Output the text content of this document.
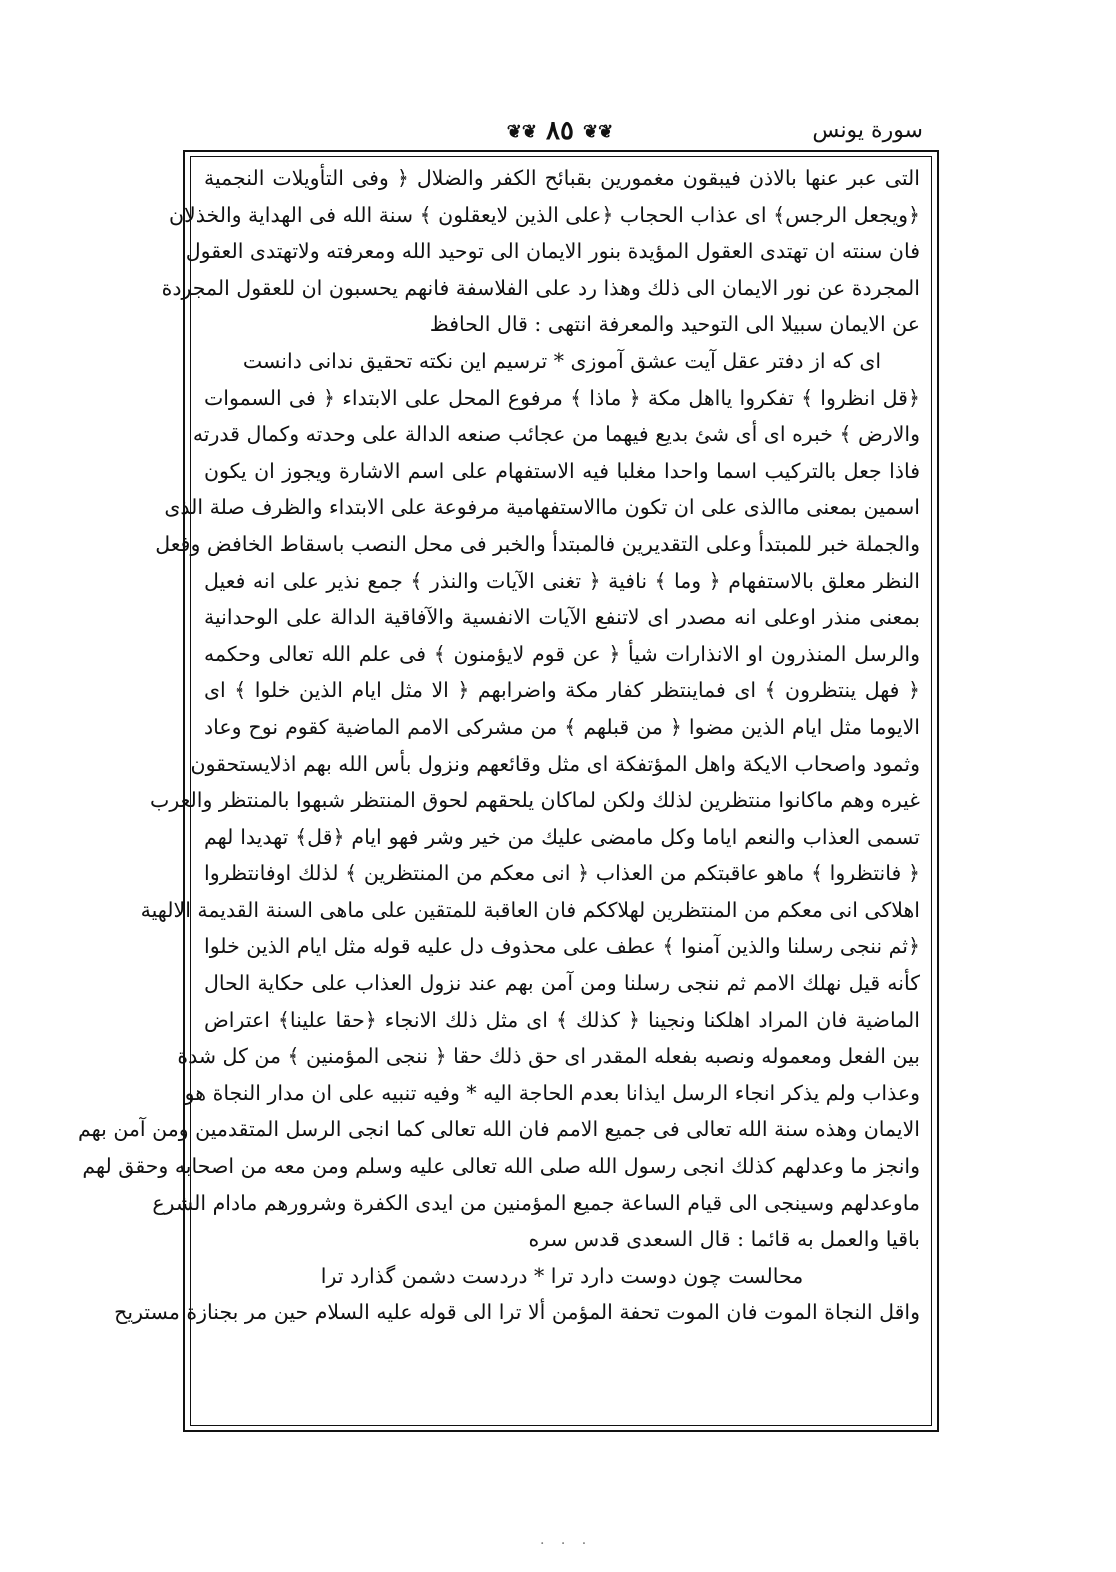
❦❦ ٨٥ ❦❦	سورة يونس
التى عبر عنها بالاذن فيبقون مغمورين بقبائح الكفر والضلال ﴿ وفى التأويلات النجمية
﴿ويجعل الرجس﴾ اى عذاب الحجاب ﴿على الذين لايعقلون ﴾ سنة الله فى الهداية والخذلان
فان سنته ان تهتدى العقول المؤيدة بنور الايمان الى توحيد الله ومعرفته ولاتهتدى العقول
المجردة عن نور الايمان الى ذلك وهذا رد على الفلاسفة فانهم يحسبون ان للعقول المجردة
عن الايمان سبيلا الى التوحيد والمعرفة انتهى : قال الحافظ
اى كه از دفتر عقل آيت عشق آموزى * ترسيم اين نكته تحقيق ندانى دانست
﴿قل انظروا ﴾ تفكروا يااهل مكة ﴿ ماذا ﴾ مرفوع المحل على الابتداء ﴿ فى السموات
والارض ﴾ خبره اى أى شئ بديع فيهما من عجائب صنعه الدالة على وحدته وكمال قدرته
فاذا جعل بالتركيب اسما واحدا مغلبا فيه الاستفهام على اسم الاشارة ويجوز ان يكون
اسمين بمعنى ماالذى على ان تكون ماالاستفهامية مرفوعة على الابتداء والظرف صلة الذى
والجملة خبر للمبتدأ وعلى التقديرين فالمبتدأ والخبر فى محل النصب باسقاط الخافض وفعل
النظر معلق بالاستفهام ﴿ وما ﴾ نافية ﴿ تغنى الآيات والنذر ﴾ جمع نذير على انه فعيل
بمعنى منذر اوعلى انه مصدر اى لاتنفع الآيات الانفسية والآفاقية الدالة على الوحدانية
والرسل المنذرون او الانذارات شيأ ﴿ عن قوم لايؤمنون ﴾ فى علم الله تعالى وحكمه
﴿ فهل ينتظرون ﴾ اى فماينتظر كفار مكة واضرابهم ﴿ الا مثل ايام الذين خلوا ﴾ اى
الايوما مثل ايام الذين مضوا ﴿ من قبلهم ﴾ من مشركى الامم الماضية كقوم نوح وعاد
وثمود واصحاب الايكة واهل المؤتفكة اى مثل وقائعهم ونزول بأس الله بهم اذلايستحقون
غيره وهم ماكانوا منتظرين لذلك ولكن لماكان يلحقهم لحوق المنتظر شبهوا بالمنتظر والعرب
تسمى العذاب والنعم اياما وكل مامضى عليك من خير وشر فهو ايام ﴿قل﴾ تهديدا لهم
﴿ فانتظروا ﴾ ماهو عاقبتكم من العذاب ﴿ انى معكم من المنتظرين ﴾ لذلك اوفانتظروا
اهلاكى انى معكم من المنتظرين لهلاككم فان العاقبة للمتقين على ماهى السنة القديمة الالهية
﴿ثم ننجى رسلنا والذين آمنوا ﴾ عطف على محذوف دل عليه قوله مثل ايام الذين خلوا
كأنه قيل نهلك الامم ثم ننجى رسلنا ومن آمن بهم عند نزول العذاب على حكاية الحال
الماضية فان المراد اهلكنا ونجينا ﴿ كذلك ﴾ اى مثل ذلك الانجاء ﴿حقا علينا﴾ اعتراض
بين الفعل ومعموله ونصبه بفعله المقدر اى حق ذلك حقا ﴿ ننجى المؤمنين ﴾ من كل شدة
وعذاب ولم يذكر انجاء الرسل ايذانا بعدم الحاجة اليه * وفيه تنبيه على ان مدار النجاة هو
الايمان وهذه سنة الله تعالى فى جميع الامم فان الله تعالى كما انجى الرسل المتقدمين ومن آمن بهم
وانجز ما وعدلهم كذلك انجى رسول الله صلى الله تعالى عليه وسلم ومن معه من اصحابه وحقق لهم
ماوعدلهم وسينجى الى قيام الساعة جميع المؤمنين من ايدى الكفرة وشرورهم مادام الشرع
باقيا والعمل به قائما : قال السعدى قدس سره
محالست چون دوست دارد ترا * دردست دشمن گذارد ترا
واقل النجاة الموت فان الموت تحفة المؤمن ألا ترا الى قوله عليه السلام حين مر بجنازة مستريح
· · ·
